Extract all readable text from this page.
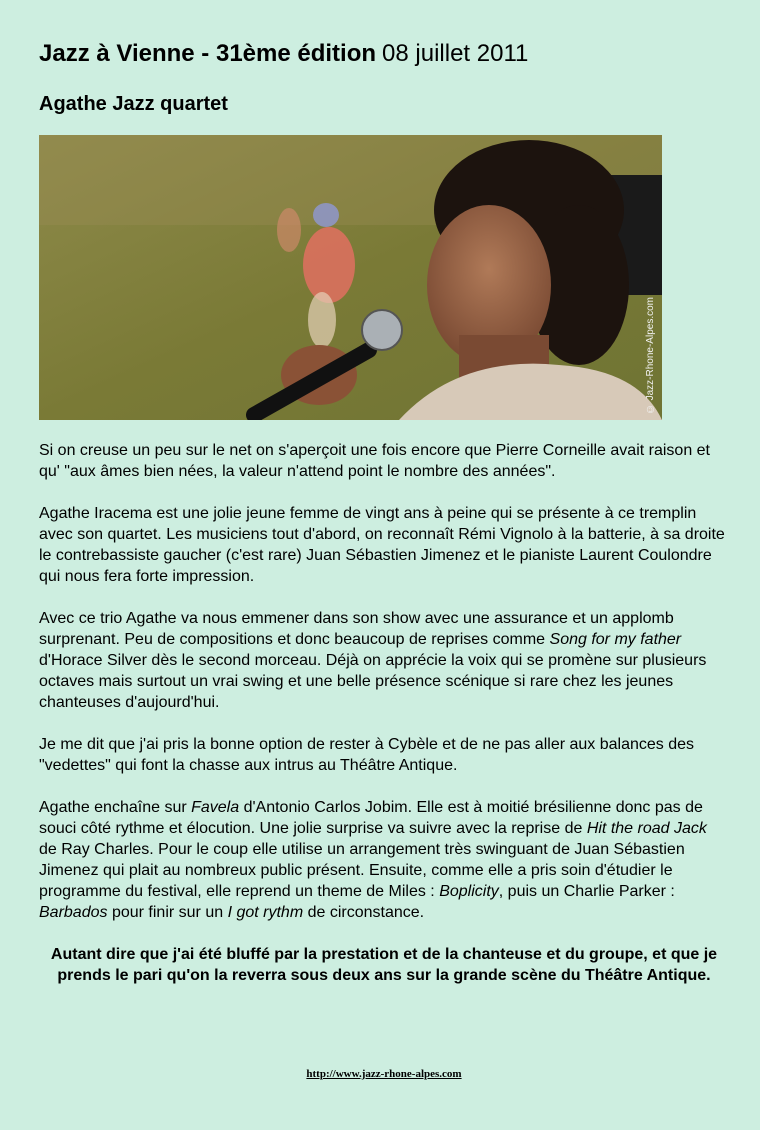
Jazz à Vienne - 31ème édition 08 juillet 2011
Agathe Jazz quartet
© Jazz-Rhone-Alpes.com

Si on creuse un peu sur le net on s'aperçoit une fois encore que Pierre Corneille avait raison et qu' "aux âmes bien nées, la valeur n'attend point le nombre des années".

Agathe Iracema est une jolie jeune femme de vingt ans à peine qui se présente à ce tremplin avec son quartet. Les musiciens tout d'abord, on reconnaît Rémi Vignolo à la batterie, à sa droite le contrebassiste gaucher (c'est rare) Juan Sébastien Jimenez et le pianiste Laurent Coulondre qui nous fera forte impression.

Avec ce trio Agathe va nous emmener dans son show avec une assurance et un applomb surprenant. Peu de compositions et donc beaucoup de reprises comme Song for my father d'Horace Silver dès le second morceau. Déjà on apprécie la voix qui se promène sur plusieurs octaves mais surtout un vrai swing et une belle présence scénique si rare chez les jeunes chanteuses d'aujourd'hui.

Je me dit que j'ai pris la bonne option de rester à Cybèle et de ne pas aller aux balances des "vedettes" qui font la chasse aux intrus au Théâtre Antique.

Agathe enchaîne sur Favela d'Antonio Carlos Jobim. Elle est à moitié brésilienne donc pas de souci côté rythme et élocution. Une jolie surprise va suivre avec la reprise de Hit the road Jack de Ray Charles. Pour le coup elle utilise un arrangement très swinguant de Juan Sébastien Jimenez qui plait au nombreux public présent. Ensuite, comme elle a pris soin d'étudier le programme du festival, elle reprend un theme de Miles : Boplicity, puis un Charlie Parker : Barbados pour finir sur un I got rythm de circonstance.

Autant dire que j'ai été bluffé par la prestation et de la chanteuse et du groupe, et que je prends le pari qu'on la reverra sous deux ans sur la grande scène du Théâtre Antique.

http://www.jazz-rhone-alpes.com
